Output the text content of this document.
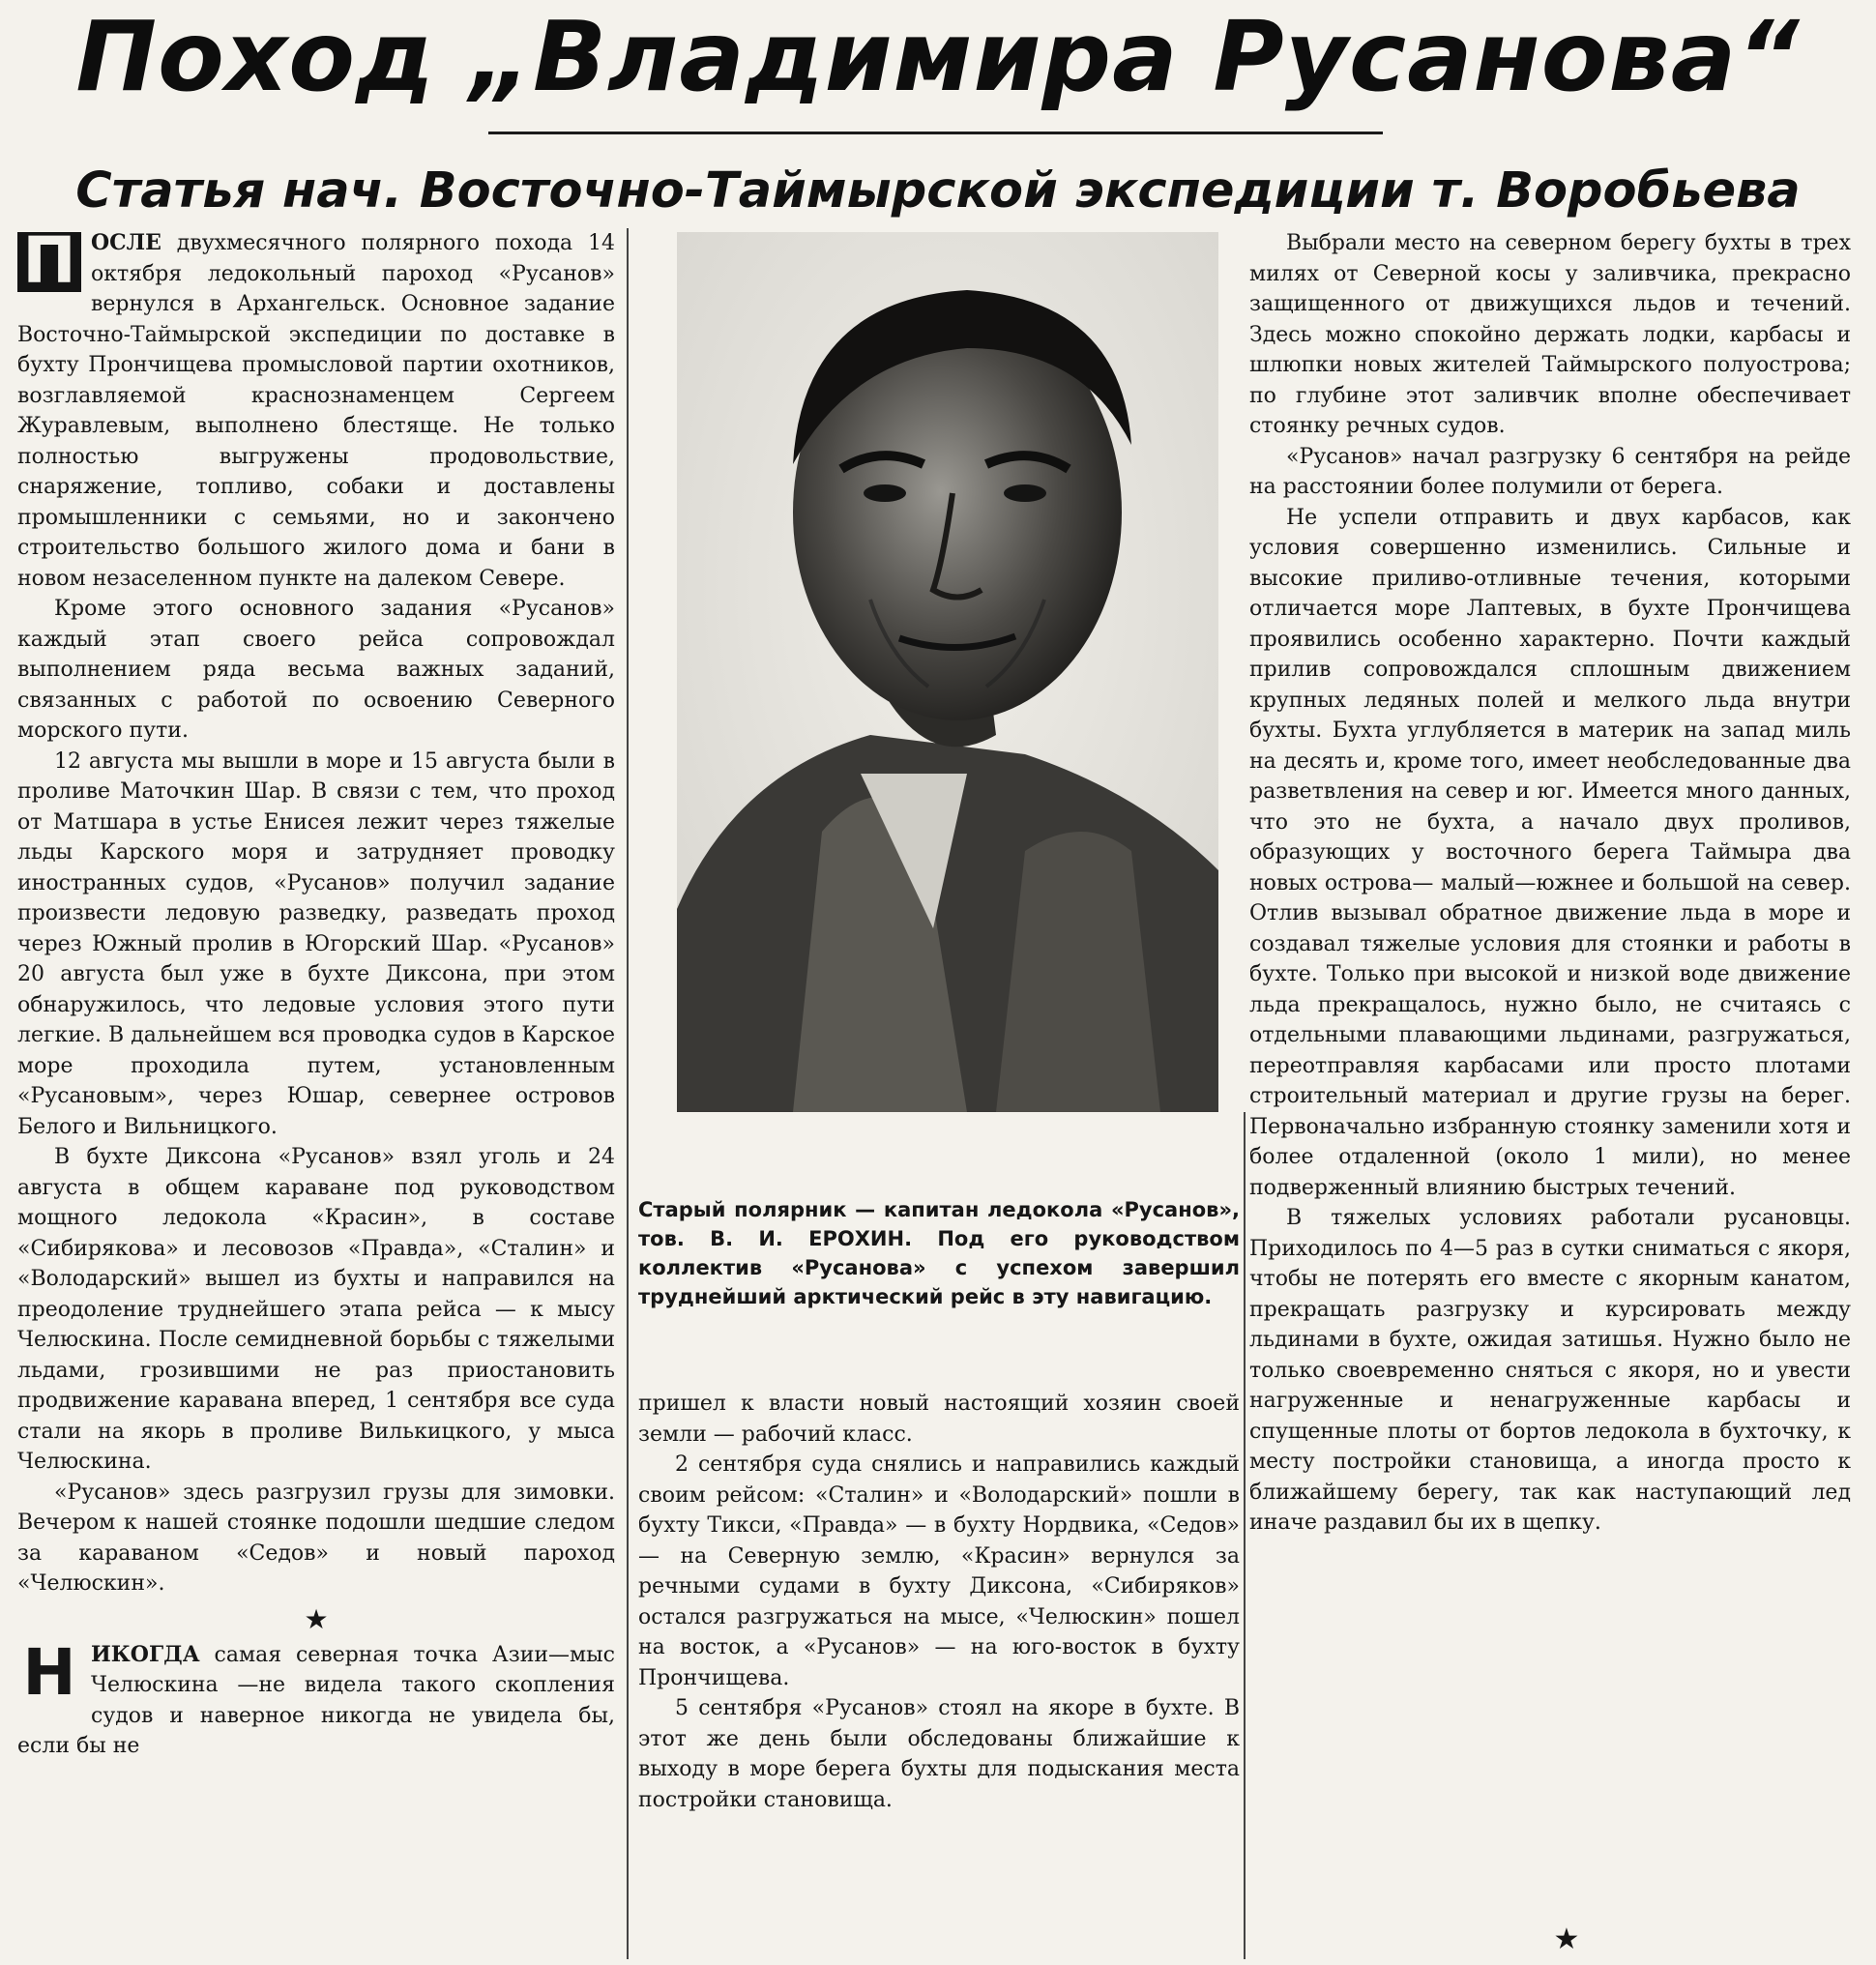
Поход „Владимира Русанова“
Статья нач. Восточно-Таймырской экспедиции т. Воробьева

П ОСЛЕ двухмесячного полярного похода 14 октября ледокольный пароход «Русанов» вернулся в Архангельск. Основное задание Восточно-Таймырской экспедиции по доставке в бухту Прончищева промысловой партии охотников, возглавляемой краснознаменцем Сергеем Журавлевым, выполнено блестяще. Не только полностью выгружены продовольствие, снаряжение, топливо, собаки и доставлены промышленники с семьями, но и закончено строительство большого жилого дома и бани в новом незаселенном пункте на далеком Севере.

Кроме этого основного задания «Русанов» каждый этап своего рейса сопровождал выполнением ряда весьма важных заданий, связанных с работой по освоению Северного морского пути.

12 августа мы вышли в море и 15 августа были в проливе Маточкин Шар. В связи с тем, что проход от Матшара в устье Енисея лежит через тяжелые льды Карского моря и затрудняет проводку иностранных судов, «Русанов» получил задание произвести ледовую разведку, разведать проход через Южный пролив в Югорский Шар. «Русанов» 20 августа был уже в бухте Диксона, при этом обнаружилось, что ледовые условия этого пути легкие. В дальнейшем вся проводка судов в Карское море проходила путем, установленным «Русановым», через Юшар, севернее островов Белого и Вильницкого.

В бухте Диксона «Русанов» взял уголь и 24 августа в общем караване под руководством мощного ледокола «Красин», в составе «Сибирякова» и лесовозов «Правда», «Сталин» и «Володарский» вышел из бухты и направился на преодоление труднейшего этапа рейса — к мысу Челюскина. После семидневной борьбы с тяжелыми льдами, грозившими не раз приостановить продвижение каравана вперед, 1 сентября все суда стали на якорь в проливе Вилькицкого, у мыса Челюскина.

«Русанов» здесь разгрузил грузы для зимовки. Вечером к нашей стоянке подошли шедшие следом за караваном «Седов» и новый пароход «Челюскин».

★

НИКОГДА самая северная точка Азии—мыс Челюскина —не видела такого скопления судов и наверное никогда не увидела бы, если бы не

Старый полярник — капитан ледокола «Русанов», тов. В. И. ЕРОХИН. Под его руководством коллектив «Русанова» с успехом завершил труднейший арктический рейс в эту навигацию.

пришел к власти новый настоящий хозяин своей земли — рабочий класс.

2 сентября суда снялись и направились каждый своим рейсом: «Сталин» и «Володарский» пошли в бухту Тикси, «Правда» — в бухту Нордвика, «Седов» — на Северную землю, «Красин» вернулся за речными судами в бухту Диксона, «Сибиряков» остался разгружаться на мысе, «Челюскин» пошел на восток, а «Русанов» — на юго-восток в бухту Прончищева.

5 сентября «Русанов» стоял на якоре в бухте. В этот же день были обследованы ближайшие к выходу в море берега бухты для подыскания места постройки становища.

Выбрали место на северном берегу бухты в трех милях от Северной косы у заливчика, прекрасно защищенного от движущихся льдов и течений. Здесь можно спокойно держать лодки, карбасы и шлюпки новых жителей Таймырского полуострова; по глубине этот заливчик вполне обеспечивает стоянку речных судов.

«Русанов» начал разгрузку 6 сентября на рейде на расстоянии более полумили от берега.

Не успели отправить и двух карбасов, как условия совершенно изменились. Сильные и высокие приливо-отливные течения, которыми отличается море Лаптевых, в бухте Прончищева проявились особенно характерно. Почти каждый прилив сопровождался сплошным движением крупных ледяных полей и мелкого льда внутри бухты. Бухта углубляется в материк на запад миль на десять и, кроме того, имеет необследованные два разветвления на север и юг. Имеется много данных, что это не бухта, а начало двух проливов, образующих у восточного берега Таймыра два новых острова— малый—южнее и большой на север. Отлив вызывал обратное движение льда в море и создавал тяжелые условия для стоянки и работы в бухте. Только при высокой и низкой воде движение льда прекращалось, нужно было, не считаясь с отдельными плавающими льдинами, разгружаться, переотправляя карбасами или просто плотами строительный материал и другие грузы на берег. Первоначально избранную стоянку заменили хотя и более отдаленной (около 1 мили), но менее подверженный влиянию быстрых течений.

В тяжелых условиях работали русановцы. Приходилось по 4—5 раз в сутки сниматься с якоря, чтобы не потерять его вместе с якорным канатом, прекращать разгрузку и курсировать между льдинами в бухте, ожидая затишья. Нужно было не только своевременно сняться с якоря, но и увести нагруженные и ненагруженные карбасы и спущенные плоты от бортов ледокола в бухточку, к месту постройки становища, а иногда просто к ближайшему берегу, так как наступающий лед иначе раздавил бы их в щепку.

★
